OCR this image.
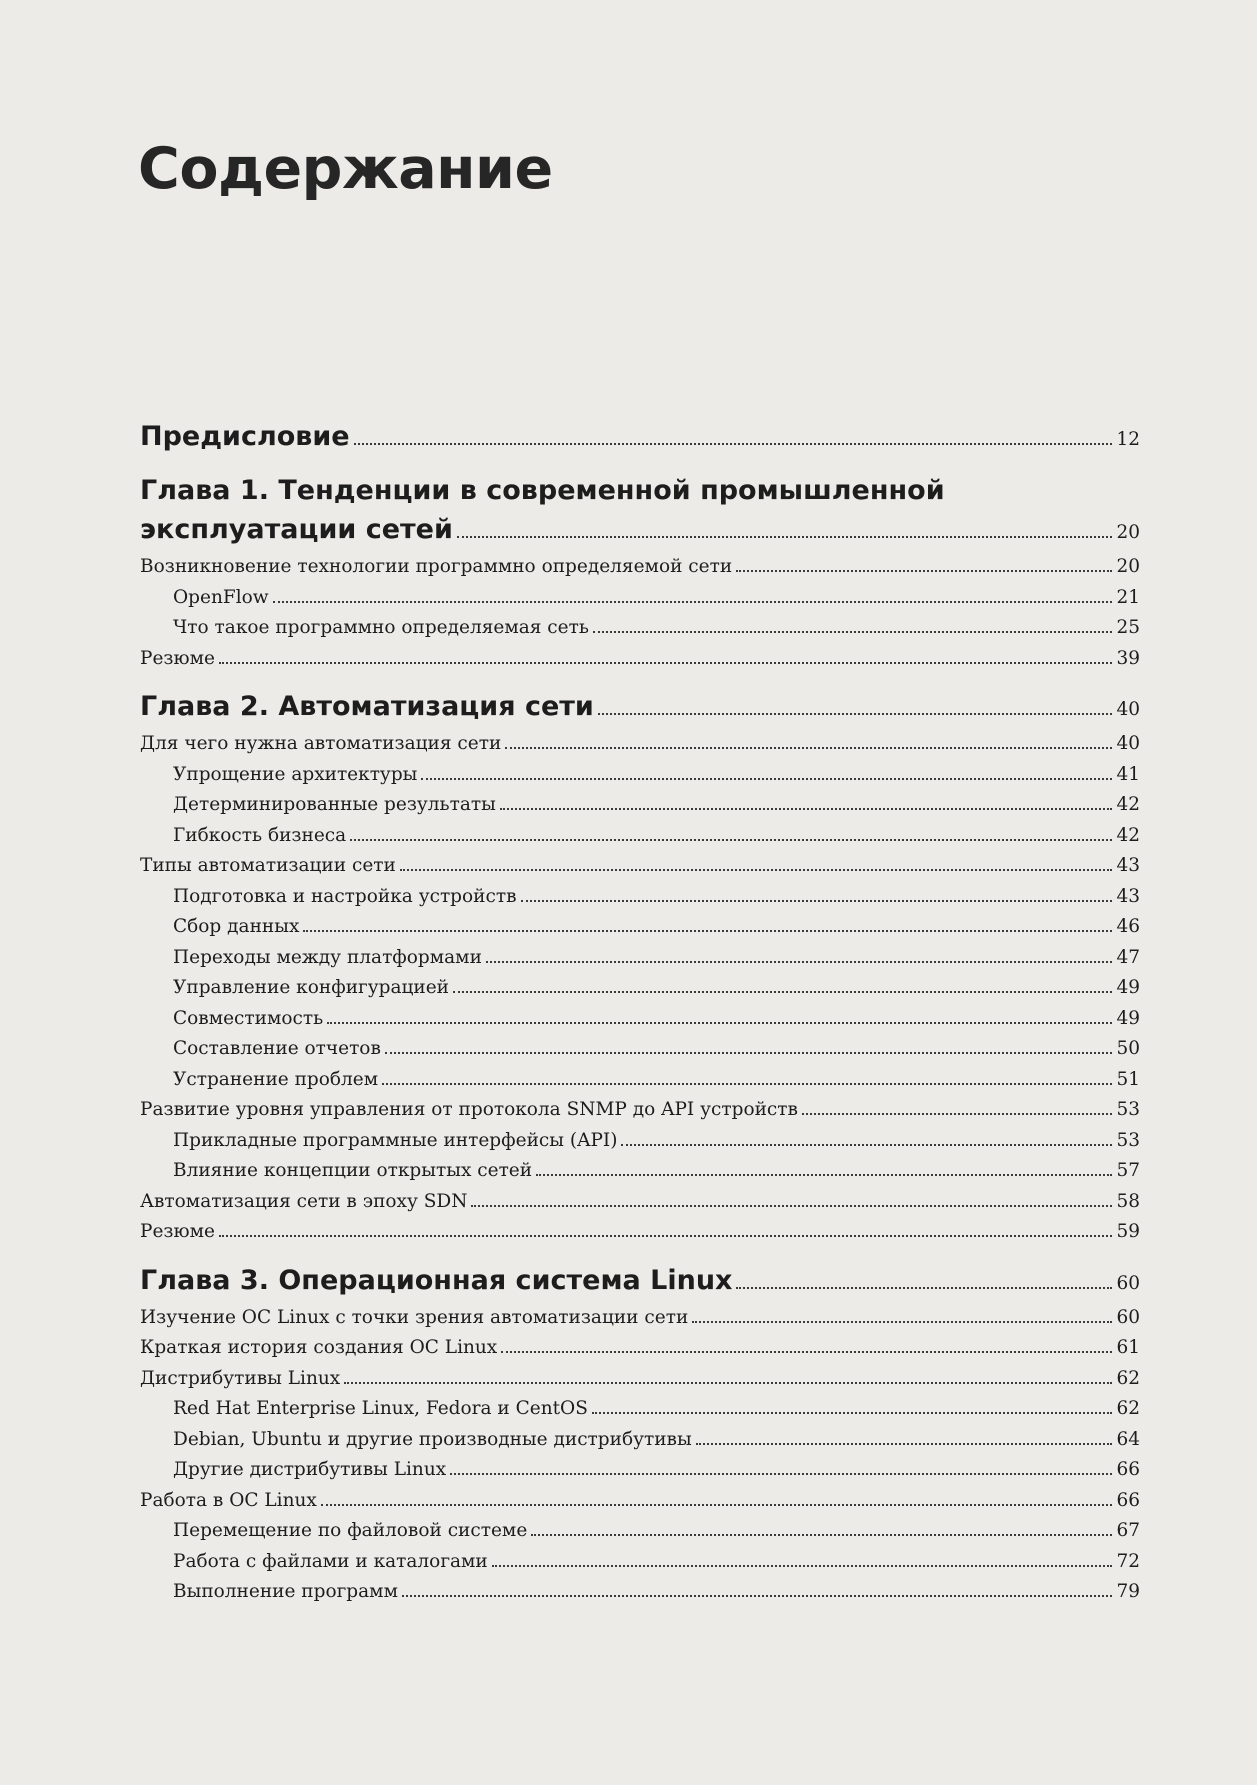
Содержание
Предисловие	12
Глава 1. Тенденции в современной промышленной
эксплуатации сетей	20
Возникновение технологии программно определяемой сети	20
OpenFlow	21
Что такое программно определяемая сеть	25
Резюме	39
Глава 2. Автоматизация сети	40
Для чего нужна автоматизация сети	40
Упрощение архитектуры	41
Детерминированные результаты	42
Гибкость бизнеса	42
Типы автоматизации сети	43
Подготовка и настройка устройств	43
Сбор данных	46
Переходы между платформами	47
Управление конфигурацией	49
Совместимость	49
Составление отчетов	50
Устранение проблем	51
Развитие уровня управления от протокола SNMP до API устройств	53
Прикладные программные интерфейсы (API)	53
Влияние концепции открытых сетей	57
Автоматизация сети в эпоху SDN	58
Резюме	59
Глава 3. Операционная система Linux	60
Изучение ОС Linux с точки зрения автоматизации сети	60
Краткая история создания ОС Linux	61
Дистрибутивы Linux	62
Red Hat Enterprise Linux, Fedora и CentOS	62
Debian, Ubuntu и другие производные дистрибутивы	64
Другие дистрибутивы Linux	66
Работа в ОС Linux	66
Перемещение по файловой системе	67
Работа с файлами и каталогами	72
Выполнение программ	79
